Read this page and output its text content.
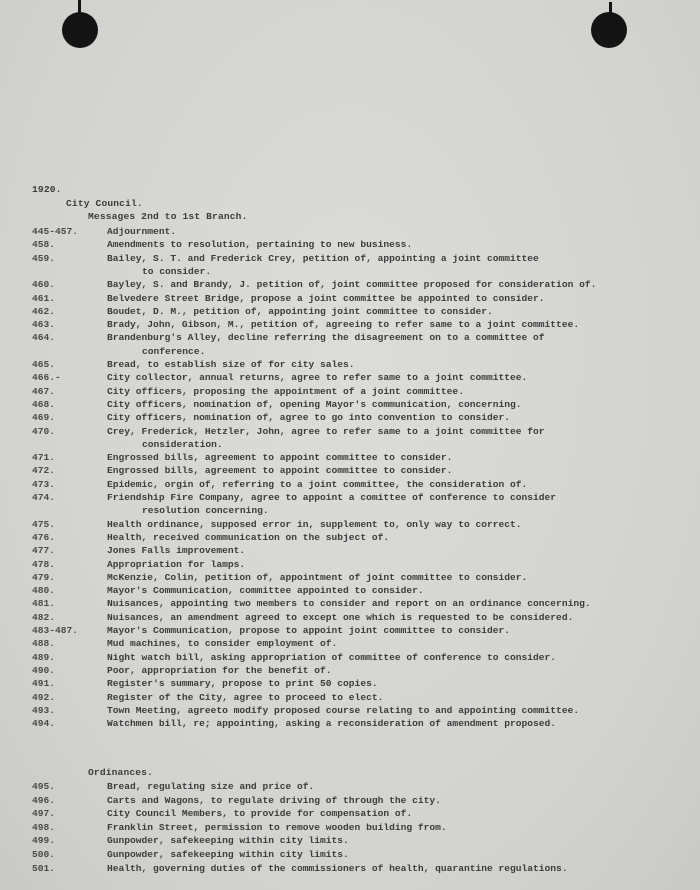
1920.
City Council.
Messages 2nd to 1st Branch.
445-457.	Adjournment.
458.	Amendments to resolution, pertaining to new business.
459.	Bailey, S. T. and Frederick Crey, petition of, appointing a joint committee
to consider.
460.	Bayley, S. and Brandy, J. petition of, joint committee proposed for consideration of.
461.	Belvedere Street Bridge, propose a joint committee be appointed to consider.
462.	Boudet, D. M., petition of, appointing joint committee to consider.
463.	Brady, John, Gibson, M., petition of, agreeing to refer same to a joint committee.
464.	Brandenburg's Alley, decline referring the disagreement on to a committee of
conference.
465.	Bread, to establish size of for city sales.
466.-	City collector, annual returns, agree to refer same to a joint committee.
467.	City officers, proposing the appointment of a joint committee.
468.	City officers, nomination of, opening Mayor's communication, concerning.
469.	City officers, nomination of, agree to go into convention to consider.
470.	Crey, Frederick, Hetzler, John, agree to refer same to a joint committee for
consideration.
471.	Engrossed bills, agreement to appoint committee to consider.
472.	Engrossed bills, agreement to appoint committee to consider.
473.	Epidemic, orgin of, referring to a joint committee, the consideration of.
474.	Friendship Fire Company, agree to appoint a comittee of conference to consider
resolution concerning.
475.	Health ordinance, supposed error in, supplement to, only way to correct.
476.	Health, received communication on the subject of.
477.	Jones Falls improvement.
478.	Appropriation for lamps.
479.	McKenzie, Colin, petition of, appointment of joint committee to consider.
480.	Mayor's Communication, committee appointed to consider.
481.	Nuisances, appointing two members to consider and report on an ordinance concerning.
482.	Nuisances, an amendment agreed to except one which is requested to be considered.
483-487.	Mayor's Communication, propose to appoint joint committee to consider.
488.	Mud machines, to consider employment of.
489.	Night watch bill, asking appropriation of committee of conference to consider.
490.	Poor, appropriation for the benefit of.
491.	Register's summary, propose to print 50 copies.
492.	Register of the City, agree to proceed to elect.
493.	Town Meeting, agreeto modify proposed course relating to and appointing committee.
494.	Watchmen bill, re; appointing, asking a reconsideration of amendment proposed.
Ordinances.
495.	Bread, regulating size and price of.
496.	Carts and Wagons, to regulate driving of through the city.
497.	City Council Members, to provide for compensation of.
498.	Franklin Street, permission to remove wooden building from.
499.	Gunpowder, safekeeping within city limits.
500.	Gunpowder, safekeeping within city limits.
501.	Health, governing duties of the commissioners of health, quarantine regulations.
